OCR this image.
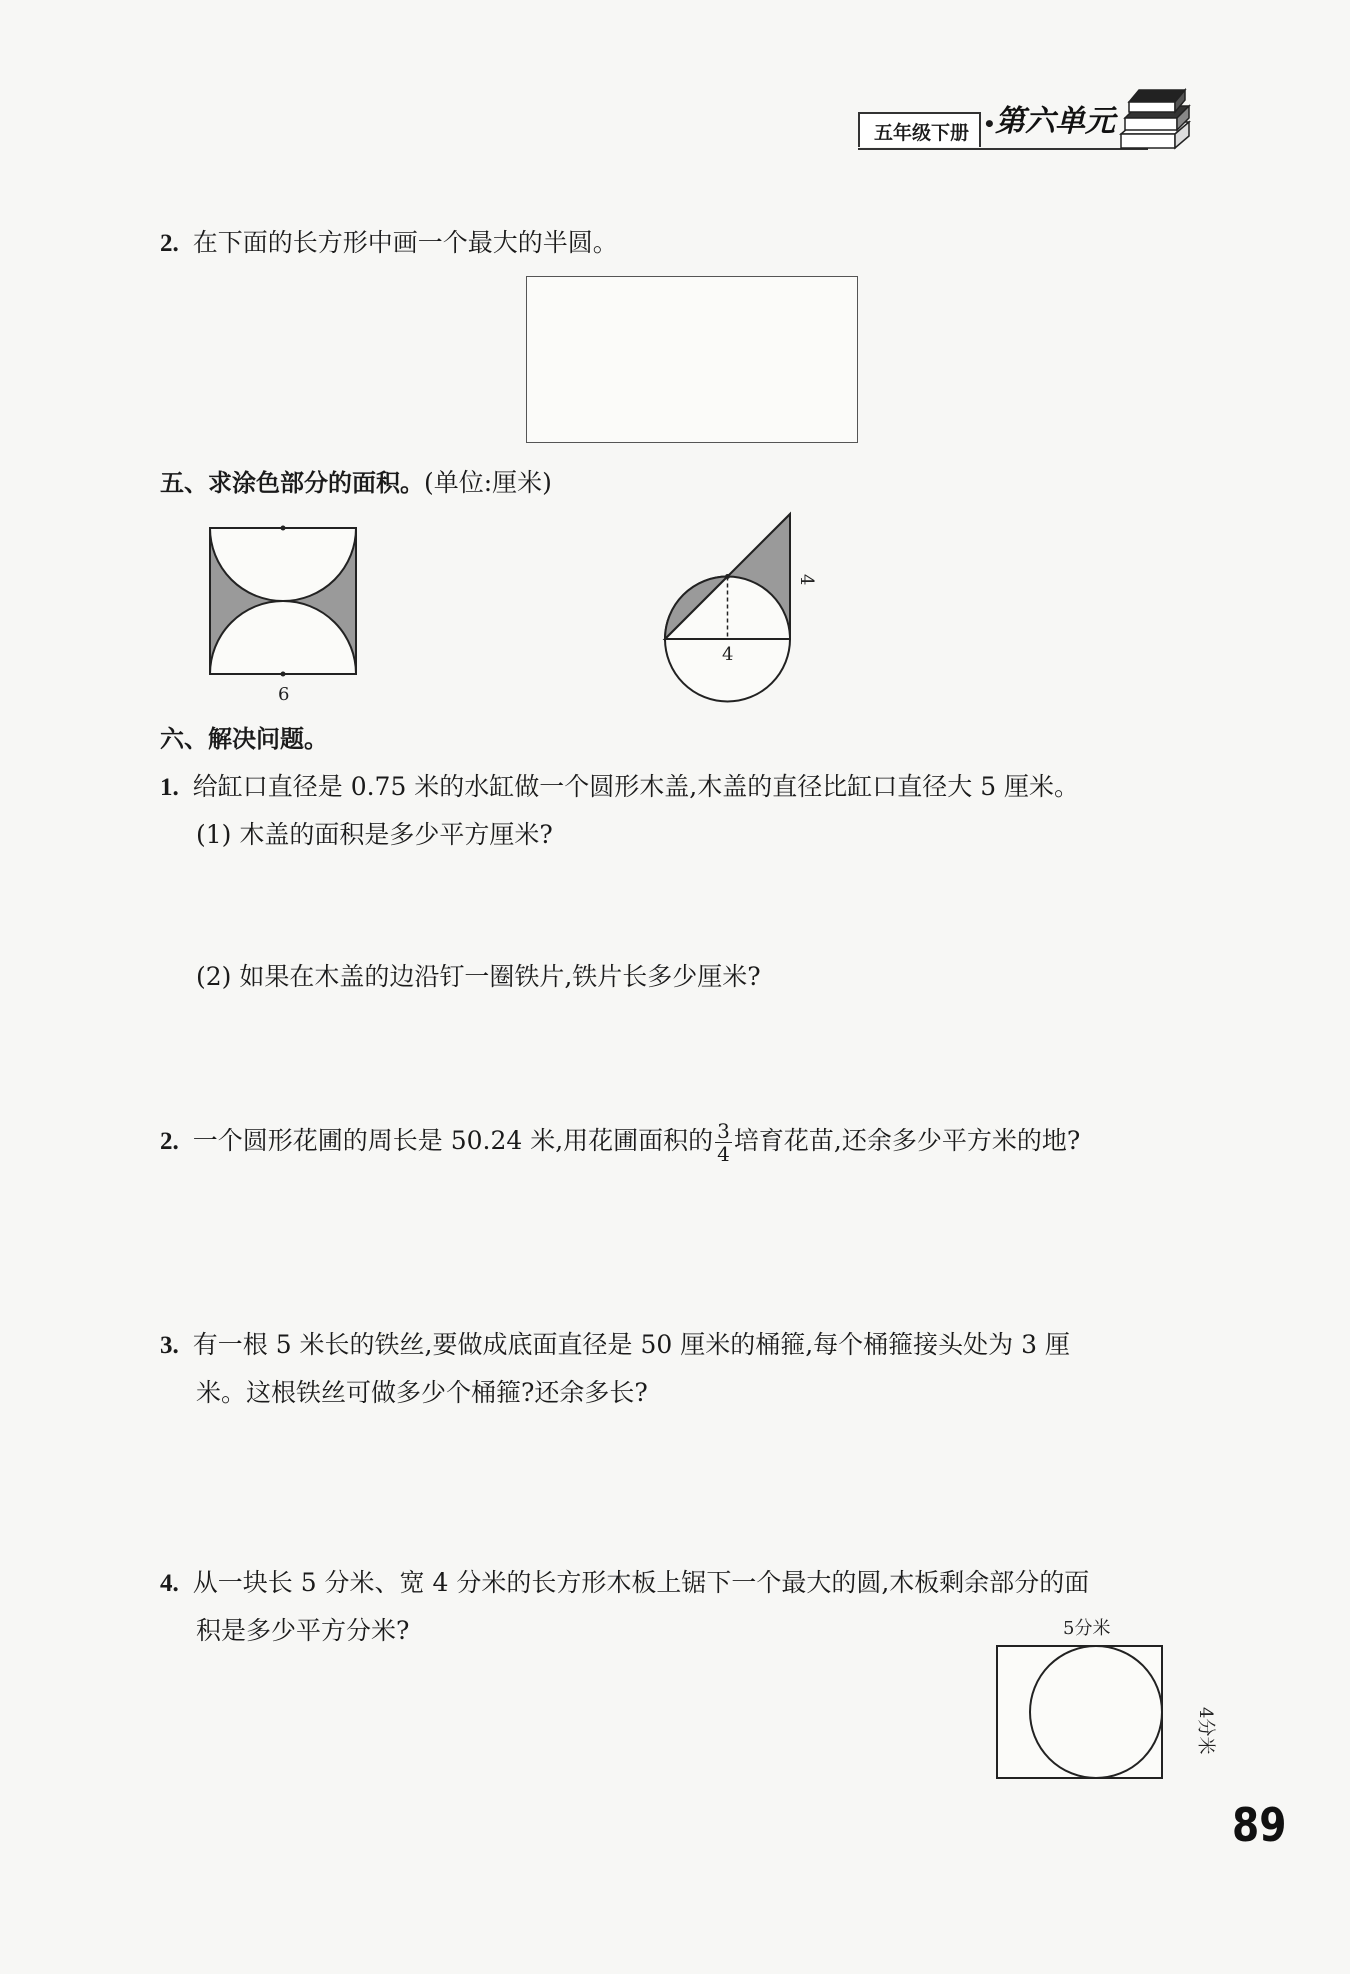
• 第六单元
五年级下册
2. 在下面的长方形中画一个最大的半圆。
五、求涂色部分的面积。(单位:厘米)
6
4
4
六、解决问题。
1. 给缸口直径是 0.75 米的水缸做一个圆形木盖,木盖的直径比缸口直径大 5 厘米。
(1) 木盖的面积是多少平方厘米?
(2) 如果在木盖的边沿钉一圈铁片,铁片长多少厘米?
2. 一个圆形花圃的周长是 50.24 米,用花圃面积的 $\frac{3}{4}$ 培育花苗,还余多少平方米的地?
3. 有一根 5 米长的铁丝,要做成底面直径是 50 厘米的桶箍,每个桶箍接头处为 3 厘
米。这根铁丝可做多少个桶箍?还余多长?
4. 从一块长 5 分米、宽 4 分米的长方形木板上锯下一个最大的圆,木板剩余部分的面
积是多少平方分米?	5分米
4分米
89
